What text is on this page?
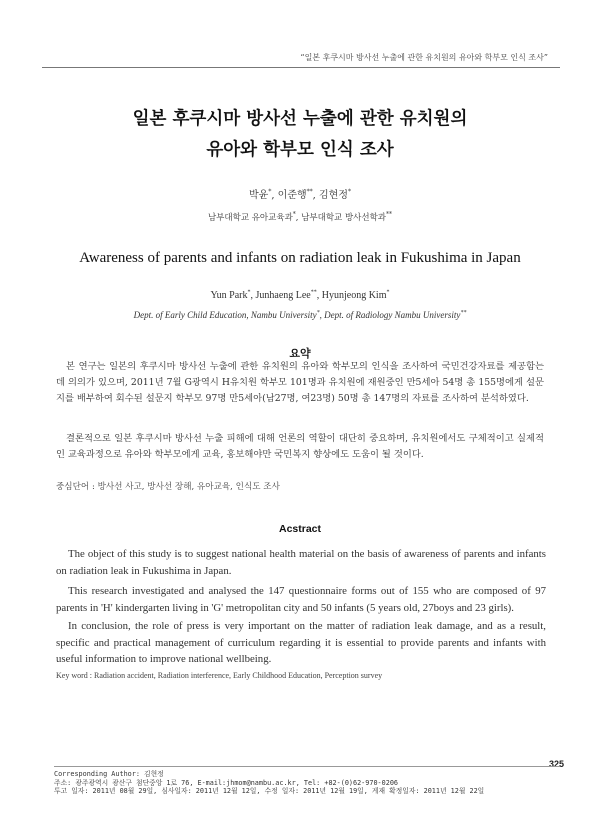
“일본 후쿠시마 방사선 누출에 관한 유치원의 유아와 학부모 인식 조사”
일본 후쿠시마 방사선 누출에 관한 유치원의
유아와 학부모 인식 조사
박윤*, 이준행**, 김현정*
남부대학교 유아교육과*, 남부대학교 방사선학과**
Awareness of parents and infants on radiation leak in Fukushima in Japan
Yun Park*, Junhaeng Lee**, Hyunjeong Kim*
Dept. of Early Child Education, Nambu University*, Dept. of Radiology Nambu University**
요약

본 연구는 일본의 후쿠시마 방사선 누출에 관한 유치원의 유아와 학부모의 인식을 조사하여 국민건강자료를 제공함는데 의의가 있으며, 2011년 7월 G광역시 H유치원 학부모 101명과 유치원에 재원중인 만5세아 54명 총 155명에게 설문지를 배부하여 회수된 설문지 학부모 97명 만5세아(남27명, 여23명) 50명 총 147명의 자료를 조사하여 분석하였다.

결론적으로 일본 후쿠시마 방사선 누출 피해에 대해 언론의 역할이 대단히 중요하며, 유치원에서도 구체적이고 실제적인 교육과정으로 유아와 학부모에게 교육, 홍보해야만 국민복지 향상에도 도움이 될 것이다.

중심단어 : 방사선 사고, 방사선 장해, 유아교육, 인식도 조사
Acstract

The object of this study is to suggest national health material on the basis of awareness of parents and infants on radiation leak in Fukushima in Japan.

This research investigated and analysed the 147 questionnaire forms out of 155 who are composed of 97 parents in 'H' kindergarten living in 'G' metropolitan city and 50 infants (5 years old, 27boys and 23 girls).

In conclusion, the role of press is very important on the matter of radiation leak damage, and as a result, specific and practical management of curriculum regarding it is essential to provide parents and infants with useful information to improve national wellbeing.

Key word : Radiation accident, Radiation interference, Early Childhood Education, Perception survey
325
Corresponding Author: 김현정
주소: 광주광역시 광산구 첨단중앙 1로 76, E-mail:jhmom@nambu.ac.kr, Tel: +82-(0)62-970-0206
투고 일자: 2011년 08월 29일, 심사일자: 2011년 12월 12일, 수정 일자: 2011년 12월 19일, 게재 확정일자: 2011년 12월 22일
